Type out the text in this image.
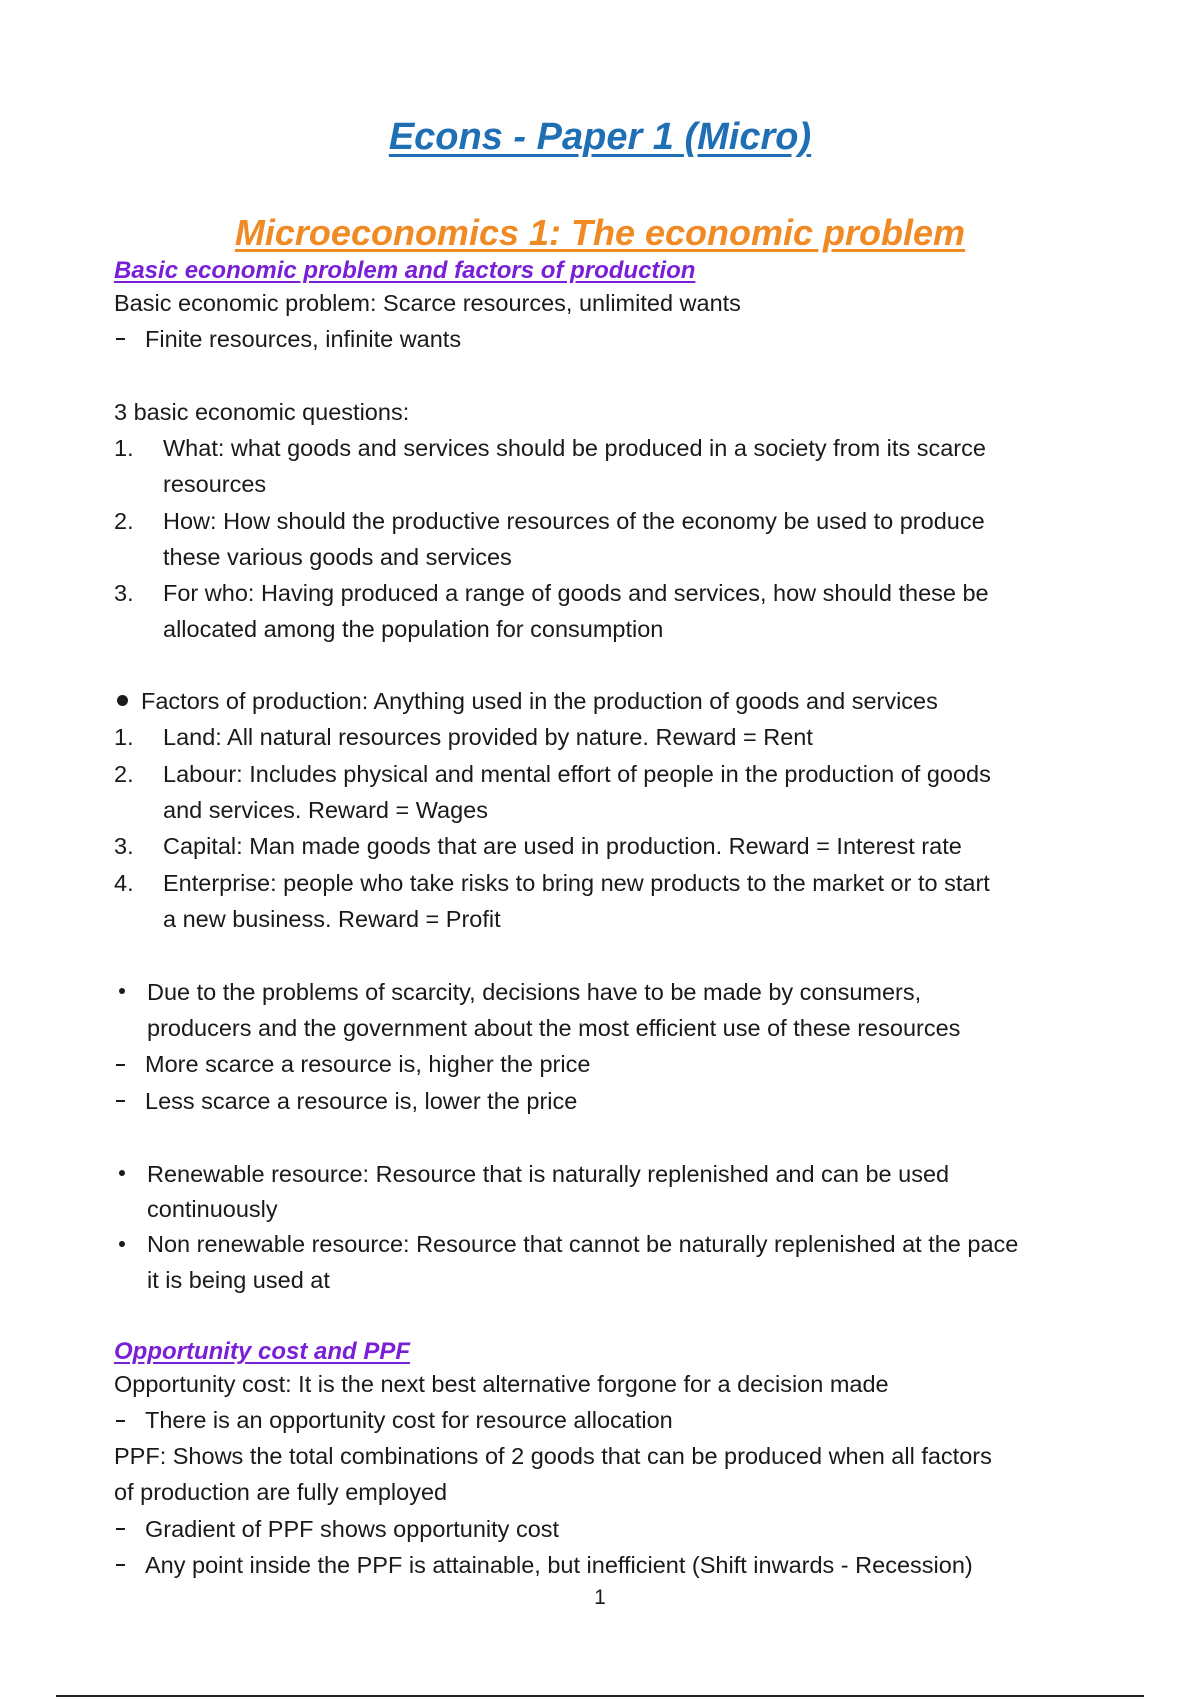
Econs - Paper 1 (Micro)
Microeconomics 1: The economic problem
Basic economic problem and factors of production
Basic economic problem: Scarce resources, unlimited wants
Finite resources, infinite wants
3 basic economic questions:
1. What: what goods and services should be produced in a society from its scarce
resources
2. How: How should the productive resources of the economy be used to produce
these various goods and services
3. For who: Having produced a range of goods and services, how should these be
allocated among the population for consumption
Factors of production: Anything used in the production of goods and services
1. Land: All natural resources provided by nature. Reward = Rent
2. Labour: Includes physical and mental effort of people in the production of goods
and services. Reward = Wages
3. Capital: Man made goods that are used in production. Reward = Interest rate
4. Enterprise: people who take risks to bring new products to the market or to start
a new business. Reward = Profit
Due to the problems of scarcity, decisions have to be made by consumers,
producers and the government about the most efficient use of these resources
More scarce a resource is, higher the price
Less scarce a resource is, lower the price
Renewable resource: Resource that is naturally replenished and can be used
continuously
Non renewable resource: Resource that cannot be naturally replenished at the pace
it is being used at
Opportunity cost and PPF
Opportunity cost: It is the next best alternative forgone for a decision made
There is an opportunity cost for resource allocation
PPF: Shows the total combinations of 2 goods that can be produced when all factors
of production are fully employed
Gradient of PPF shows opportunity cost
Any point inside the PPF is attainable, but inefficient (Shift inwards - Recession)
1
